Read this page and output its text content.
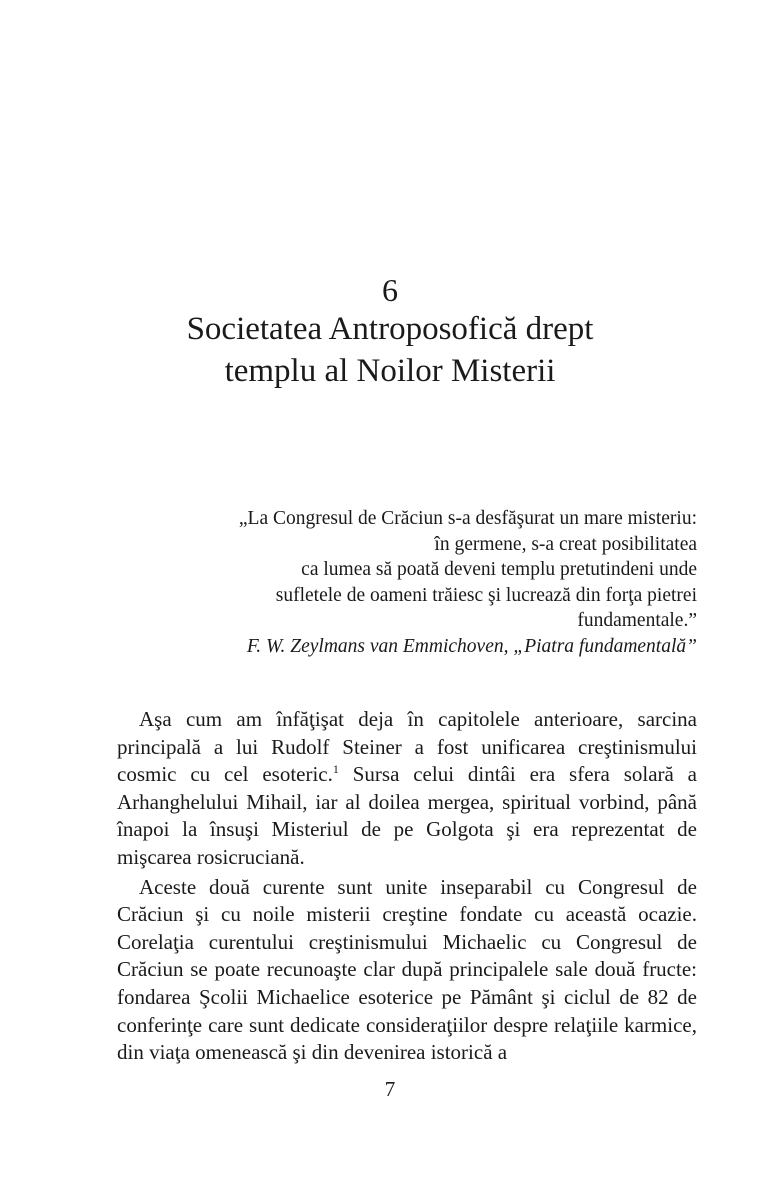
6
Societatea Antroposofică drept
templu al Noilor Misterii
„La Congresul de Crăciun s-a desfăşurat un mare misteriu:
în germene, s-a creat posibilitatea
ca lumea să poată deveni templu pretutindeni unde
sufletele de oameni trăiesc şi lucrează din forţa pietrei
fundamentale.”
F. W. Zeylmans van Emmichoven, „Piatra fundamentală”

Aşa cum am înfăţişat deja în capitolele anterioare, sarcina principală a lui Rudolf Steiner a fost unificarea creştinismului cosmic cu cel esoteric.$^1$ Sursa celui dintâi era sfera solară a Arhanghelului Mihail, iar al doilea mergea, spiritual vorbind, până înapoi la însuşi Misteriul de pe Golgota şi era reprezentat de mişcarea rosicruciană.

Aceste două curente sunt unite inseparabil cu Congresul de Crăciun şi cu noile misterii creştine fondate cu această ocazie. Corelaţia curentului creştinismului Michaelic cu Congresul de Crăciun se poate recunoaşte clar după principalele sale două fructe: fondarea Şcolii Michaelice esoterice pe Pământ şi ciclul de 82 de conferinţe care sunt dedicate consideraţiilor despre relaţiile karmice, din viaţa omenească şi din devenirea istorică a

7
